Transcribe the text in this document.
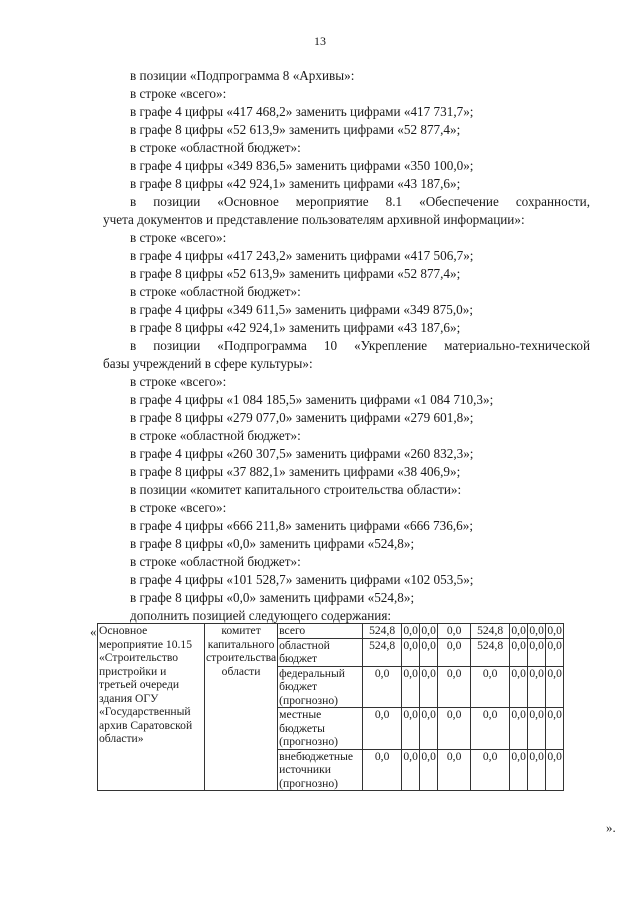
13
в позиции «Подпрограмма 8 «Архивы»:
в строке «всего»:
в графе 4 цифры «417 468,2» заменить цифрами «417 731,7»;
в графе 8 цифры «52 613,9» заменить цифрами «52 877,4»;
в строке «областной бюджет»:
в графе 4 цифры «349 836,5» заменить цифрами «350 100,0»;
в графе 8 цифры «42 924,1» заменить цифрами «43 187,6»;
в позиции «Основное мероприятие 8.1 «Обеспечение сохранности,
учета документов и представление пользователям архивной информации»:
в строке «всего»:
в графе 4 цифры «417 243,2» заменить цифрами «417 506,7»;
в графе 8 цифры «52 613,9» заменить цифрами «52 877,4»;
в строке «областной бюджет»:
в графе 4 цифры «349 611,5» заменить цифрами «349 875,0»;
в графе 8 цифры «42 924,1» заменить цифрами «43 187,6»;
в позиции «Подпрограмма 10 «Укрепление материально-технической
базы учреждений в сфере культуры»:
в строке «всего»:
в графе 4 цифры «1 084 185,5» заменить цифрами «1 084 710,3»;
в графе 8 цифры «279 077,0» заменить цифрами «279 601,8»;
в строке «областной бюджет»:
в графе 4 цифры «260 307,5» заменить цифрами «260 832,3»;
в графе 8 цифры «37 882,1» заменить цифрами «38 406,9»;
в позиции «комитет капитального строительства области»:
в строке «всего»:
в графе 4 цифры «666 211,8» заменить цифрами «666 736,6»;
в графе 8 цифры «0,0» заменить цифрами «524,8»;
в строке «областной бюджет»:
в графе 4 цифры «101 528,7» заменить цифрами «102 053,5»;
в графе 8 цифры «0,0» заменить цифрами «524,8»;
дополнить позицией следующего содержания:
« Основное мероприятие 10.15 «Строительство пристройки и третьей очереди здания ОГУ «Государственный архив Саратовской области»	комитет капитального строительства области	всего	524,8	0,0	0,0	0,0	524,8	0,0	0,0	0,0
		областной бюджет	524,8	0,0	0,0	0,0	524,8	0,0	0,0	0,0
		федеральный бюджет (прогнозно)	0,0	0,0	0,0	0,0	0,0	0,0	0,0	0,0
		местные бюджеты (прогнозно)	0,0	0,0	0,0	0,0	0,0	0,0	0,0	0,0
		внебюджетные источники (прогнозно)	0,0	0,0	0,0	0,0	0,0	0,0	0,0	0,0
».
